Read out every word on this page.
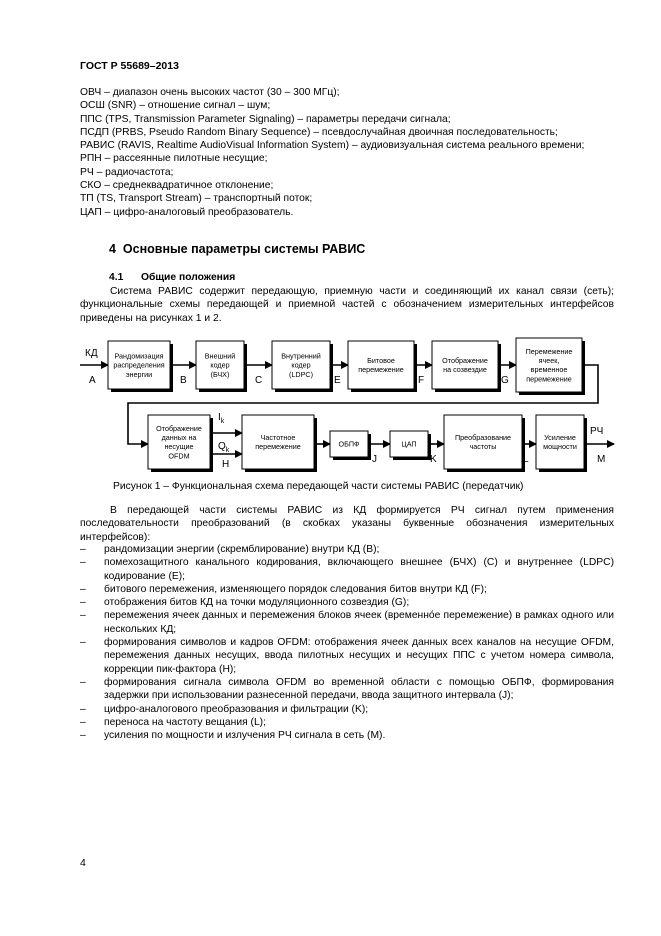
ГОСТ Р 55689–2013
ОВЧ – диапазон очень высоких частот (30 – 300 МГц);
ОСШ (SNR) – отношение сигнал – шум;
ППС (TPS, Transmission Parameter Signaling) – параметры передачи сигнала;
ПСДП (PRBS, Pseudo Random Binary Sequence) – псевдослучайная двоичная последовательность;
РАВИС (RAVIS, Realtime AudioVisual Information System) – аудиовизуальная система реального времени;
РПН – рассеянные пилотные несущие;
РЧ – радиочастота;
СКО – среднеквадратичное отклонение;
ТП (TS, Transport Stream) – транспортный поток;
ЦАП – цифро-аналоговый преобразователь.
4 Основные параметры системы РАВИС
4.1 Общие положения
Система РАВИС содержит передающую, приемную части и соединяющий их канал связи (сеть); функциональные схемы передающей и приемной частей с обозначением измерительных интерфейсов приведены на рисунках 1 и 2.
Рандомизация
распределения
энергии
Внешний
кодер
(БЧХ)
Внутренний
кодер
(LDPC)
Битовое
перемежение
Отображение
на созвездие
Перемежение
ячеек,
временное
перемежение
Отображение
данных на
несущие
OFDM
Частотное
перемежение	ОБПФ	ЦАП
Преобразование
частоты
Усиление
мощности
КД
A	B	C	E	F	G
$I_k$
$Q_k$
H	J	K	L
РЧ
M
Рисунок 1 – Функциональная схема передающей части системы РАВИС (передатчик)
В передающей части системы РАВИС из КД формируется РЧ сигнал путем применения последовательности преобразований (в скобках указаны буквенные обозначения измерительных интерфейсов):
– рандомизации энергии (скремблирование) внутри КД (B);
– помехозащитного канального кодирования, включающего внешнее (БЧХ) (C) и внутреннее (LDPC) кодирование (E);
– битового перемежения, изменяющего порядок следования битов внутри КД (F);
– отображения битов КД на точки модуляционного созвездия (G);
– перемежения ячеек данных и перемежения блоков ячеек (временно́е перемежение) в рамках одного или нескольких КД;
– формирования символов и кадров OFDM: отображения ячеек данных всех каналов на несущие OFDM, перемежения данных несущих, ввода пилотных несущих и несущих ППС с учетом номера символа, коррекции пик-фактора (H);
– формирования сигнала символа OFDM во временной области с помощью ОБПФ, формирования задержки при использовании разнесенной передачи, ввода защитного интервала (J);
– цифро-аналогового преобразования и фильтрации (K);
– переноса на частоту вещания (L);
– усиления по мощности и излучения РЧ сигнала в сеть (M).
4
